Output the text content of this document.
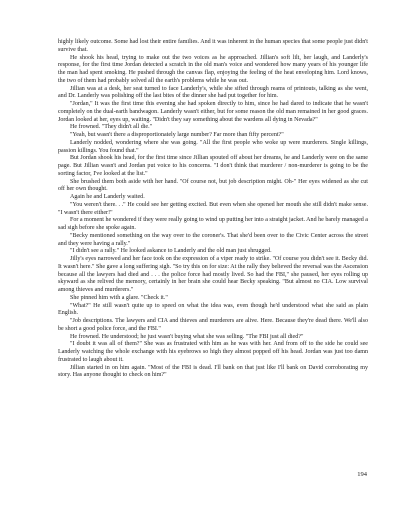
highly likely outcome. Some had lost their entire families. And it was inherent in the human species that some people just didn't survive that.

He shook his head, trying to make out the two voices as he approached. Jillian's soft lilt, her laugh, and Landerly's response, for the first time Jordan detected a scratch in the old man's voice and wondered how many years of his younger life the man had spent smoking. He pushed through the canvas flap, enjoying the feeling of the heat enveloping him. Lord knows, the two of them had probably solved all the earth's problems while he was out.

Jillian was at a desk, her seat turned to face Landerly's, while she sifted through reams of printouts, talking as she went, and Dr. Landerly was polishing off the last bites of the dinner she had put together for him.

"Jordan," It was the first time this evening she had spoken directly to him, since he had dared to indicate that he wasn't completely on the dual-earth bandwagon. Landerly wasn't either, but for some reason the old man remained in her good graces. Jordan looked at her, eyes up, waiting. "Didn't they say something about the wardens all dying in Nevada?"

He frowned. "They didn't all die."

"Yeah, but wasn't there a disproportionately large number? Far more than fifty percent?"

Landerly nodded, wondering where she was going. "All the first people who woke up were murderers. Single killings, passion killings. You found that."

But Jordan shook his head, for the first time since Jillian spouted off about her dreams, he and Landerly were on the same page. But Jillian wasn't and Jordan put voice to his concerns. "I don't think that murderer / non-murderer is going to be the sorting factor, I've looked at the list."

She brushed them both aside with her hand. "Of course not, but job description might. Oh-" Her eyes widened as she cut off her own thought.

Again he and Landerly waited.

"You weren't there. . ." He could see her getting excited. But even when she opened her mouth she still didn't make sense. "I wasn't there either!"

For a moment he wondered if they were really going to wind up putting her into a straight jacket. And he barely managed a sad sigh before she spoke again.

"Becky mentioned something on the way over to the coroner's. That she'd been over to the Civic Center across the street and they were having a rally."

"I didn't see a rally." He looked askance to Landerly and the old man just shrugged.

Jilly's eyes narrowed and her face took on the expression of a viper ready to strike. "Of course you didn't see it. Becky did. It wasn't here." She gave a long suffering sigh. "So try this on for size: At the rally they believed the reversal was the Ascension because all the lawyers had died and . . . the police force had mostly lived. So had the FBI," she paused, her eyes rolling up skyward as she relived the memory, certainly in her brain she could hear Becky speaking. "But almost no CIA. Low survival among thieves and murderers."

She pinned him with a glare. "Check it."

"What?" He still wasn't quite up to speed on what the idea was, even though he'd understood what she said as plain English.

"Job descriptions. The lawyers and CIA and thieves and murderers are alive. Here. Because they're dead there. We'll also be short a good police force, and the FBI."

He frowned. He understood; he just wasn't buying what she was selling. "The FBI just all died?"

"I doubt it was all of them?" She was as frustrated with him as he was with her. And from off to the side he could see Landerly watching the whole exchange with his eyebrows so high they almost popped off his head. Jordan was just too damn frustrated to laugh about it.

Jillian started in on him again. "Most of the FBI is dead. I'll bank on that just like I'll bank on David corroborating my story. Has anyone thought to check on him?"

194
